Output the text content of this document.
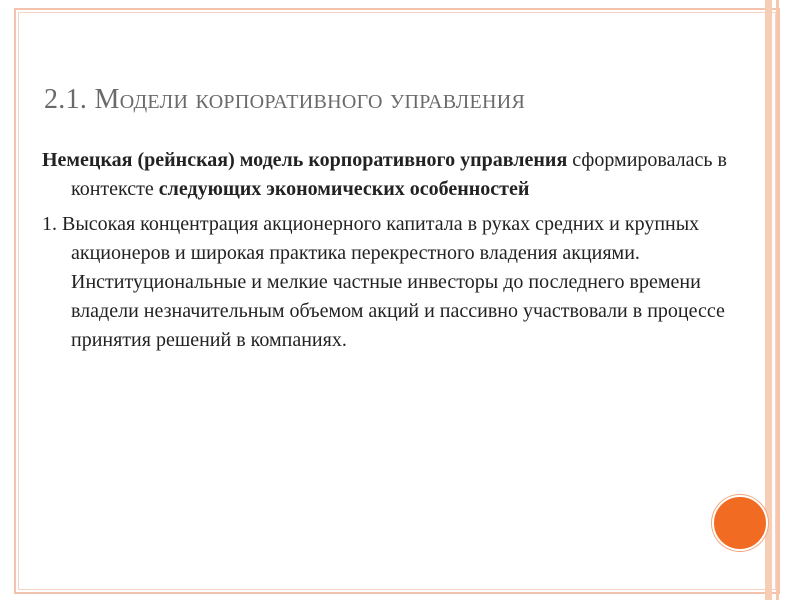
2.1. Модели корпоративного управления

Немецкая (рейнская) модель корпоративного управления сформировалась в контексте следующих экономических особенностей

1. Высокая концентрация акционерного капитала в руках средних и крупных акционеров и широкая практика перекрестного владения акциями. Институциональные и мелкие частные инвесторы до последнего времени владели незначительным объемом акций и пассивно участвовали в процессе принятия решений в компаниях.
